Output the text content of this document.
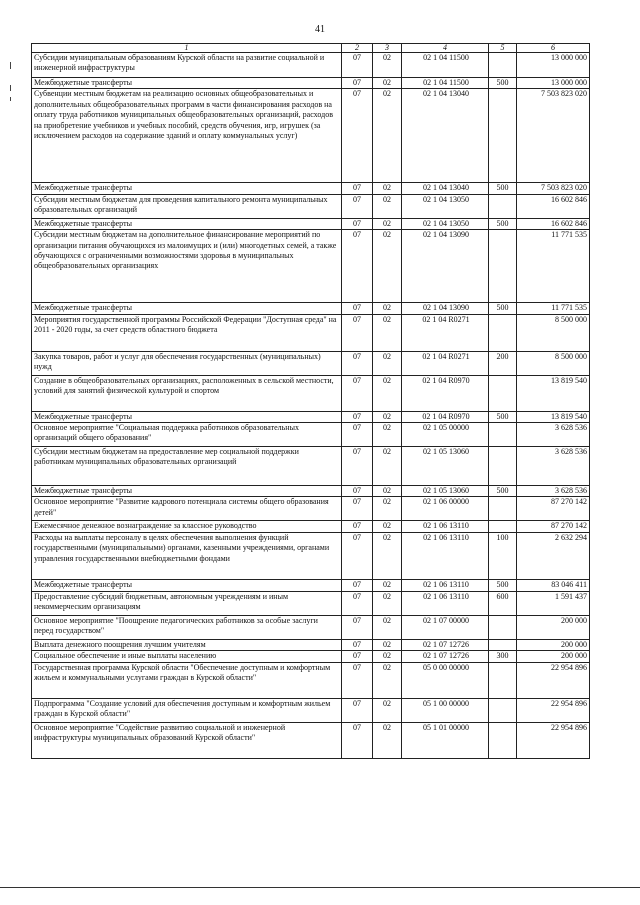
41
1	2	3	4	5	6
Субсидии муниципальным образованиям Курской области на развитие социальной и инженерной инфраструктуры	07	02	02 1 04 11500		13 000 000
Межбюджетные трансферты	07	02	02 1 04 11500	500	13 000 000
Субвенции местным бюджетам на реализацию основных общеобразовательных и дополнительных общеобразовательных программ в части финансирования расходов на оплату труда работников муниципальных общеобразовательных организаций, расходов на приобретение учебников и учебных пособий, средств обучения, игр, игрушек (за исключением расходов на содержание зданий и оплату коммунальных услуг)	07	02	02 1 04 13040		7 503 823 020
Межбюджетные трансферты	07	02	02 1 04 13040	500	7 503 823 020
Субсидии местным бюджетам для проведения капитального ремонта муниципальных образовательных организаций	07	02	02 1 04 13050		16 602 846
Межбюджетные трансферты	07	02	02 1 04 13050	500	16 602 846
Субсидии местным бюджетам на дополнительное финансирование мероприятий по организации питания обучающихся из малоимущих и (или) многодетных семей, а также обучающихся с ограниченными возможностями здоровья в муниципальных общеобразовательных организациях	07	02	02 1 04 13090		11 771 535
Межбюджетные трансферты	07	02	02 1 04 13090	500	11 771 535
Мероприятия государственной программы Российской Федерации "Доступная среда" на 2011 - 2020 годы, за счет средств областного бюджета	07	02	02 1 04 R0271		8 500 000
Закупка товаров, работ и услуг для обеспечения государственных (муниципальных) нужд	07	02	02 1 04 R0271	200	8 500 000
Создание в общеобразовательных организациях, расположенных в сельской местности, условий для занятий физической культурой и спортом	07	02	02 1 04 R0970		13 819 540
Межбюджетные трансферты	07	02	02 1 04 R0970	500	13 819 540
Основное мероприятие "Социальная поддержка работников образовательных организаций общего образования"	07	02	02 1 05 00000		3 628 536
Субсидии местным бюджетам на предоставление мер социальной поддержки работникам муниципальных образовательных организаций	07	02	02 1 05 13060		3 628 536
Межбюджетные трансферты	07	02	02 1 05 13060	500	3 628 536
Основное мероприятие "Развитие кадрового потенциала системы общего образования детей"	07	02	02 1 06 00000		87 270 142
Ежемесячное денежное вознаграждение за классное руководство	07	02	02 1 06 13110		87 270 142
Расходы на выплаты персоналу в целях обеспечения выполнения функций государственными (муниципальными) органами, казенными учреждениями, органами управления государственными внебюджетными фондами	07	02	02 1 06 13110	100	2 632 294
Межбюджетные трансферты	07	02	02 1 06 13110	500	83 046 411
Предоставление субсидий бюджетным, автономным учреждениям и иным некоммерческим организациям	07	02	02 1 06 13110	600	1 591 437
Основное мероприятие "Поощрение педагогических работников за особые заслуги перед государством"	07	02	02 1 07 00000		200 000
Выплата денежного поощрения лучшим учителям	07	02	02 1 07 12726		200 000
Социальное обеспечение и иные выплаты населению	07	02	02 1 07 12726	300	200 000
Государственная программа Курской области "Обеспечение доступным и комфортным жильем и коммунальными услугами граждан в Курской области"	07	02	05 0 00 00000		22 954 896
Подпрограмма "Создание условий для обеспечения доступным и комфортным жильем граждан в Курской области"	07	02	05 1 00 00000		22 954 896
Основное мероприятие "Содействие развитию социальной и инженерной инфраструктуры муниципальных образований Курской области"	07	02	05 1 01 00000		22 954 896
